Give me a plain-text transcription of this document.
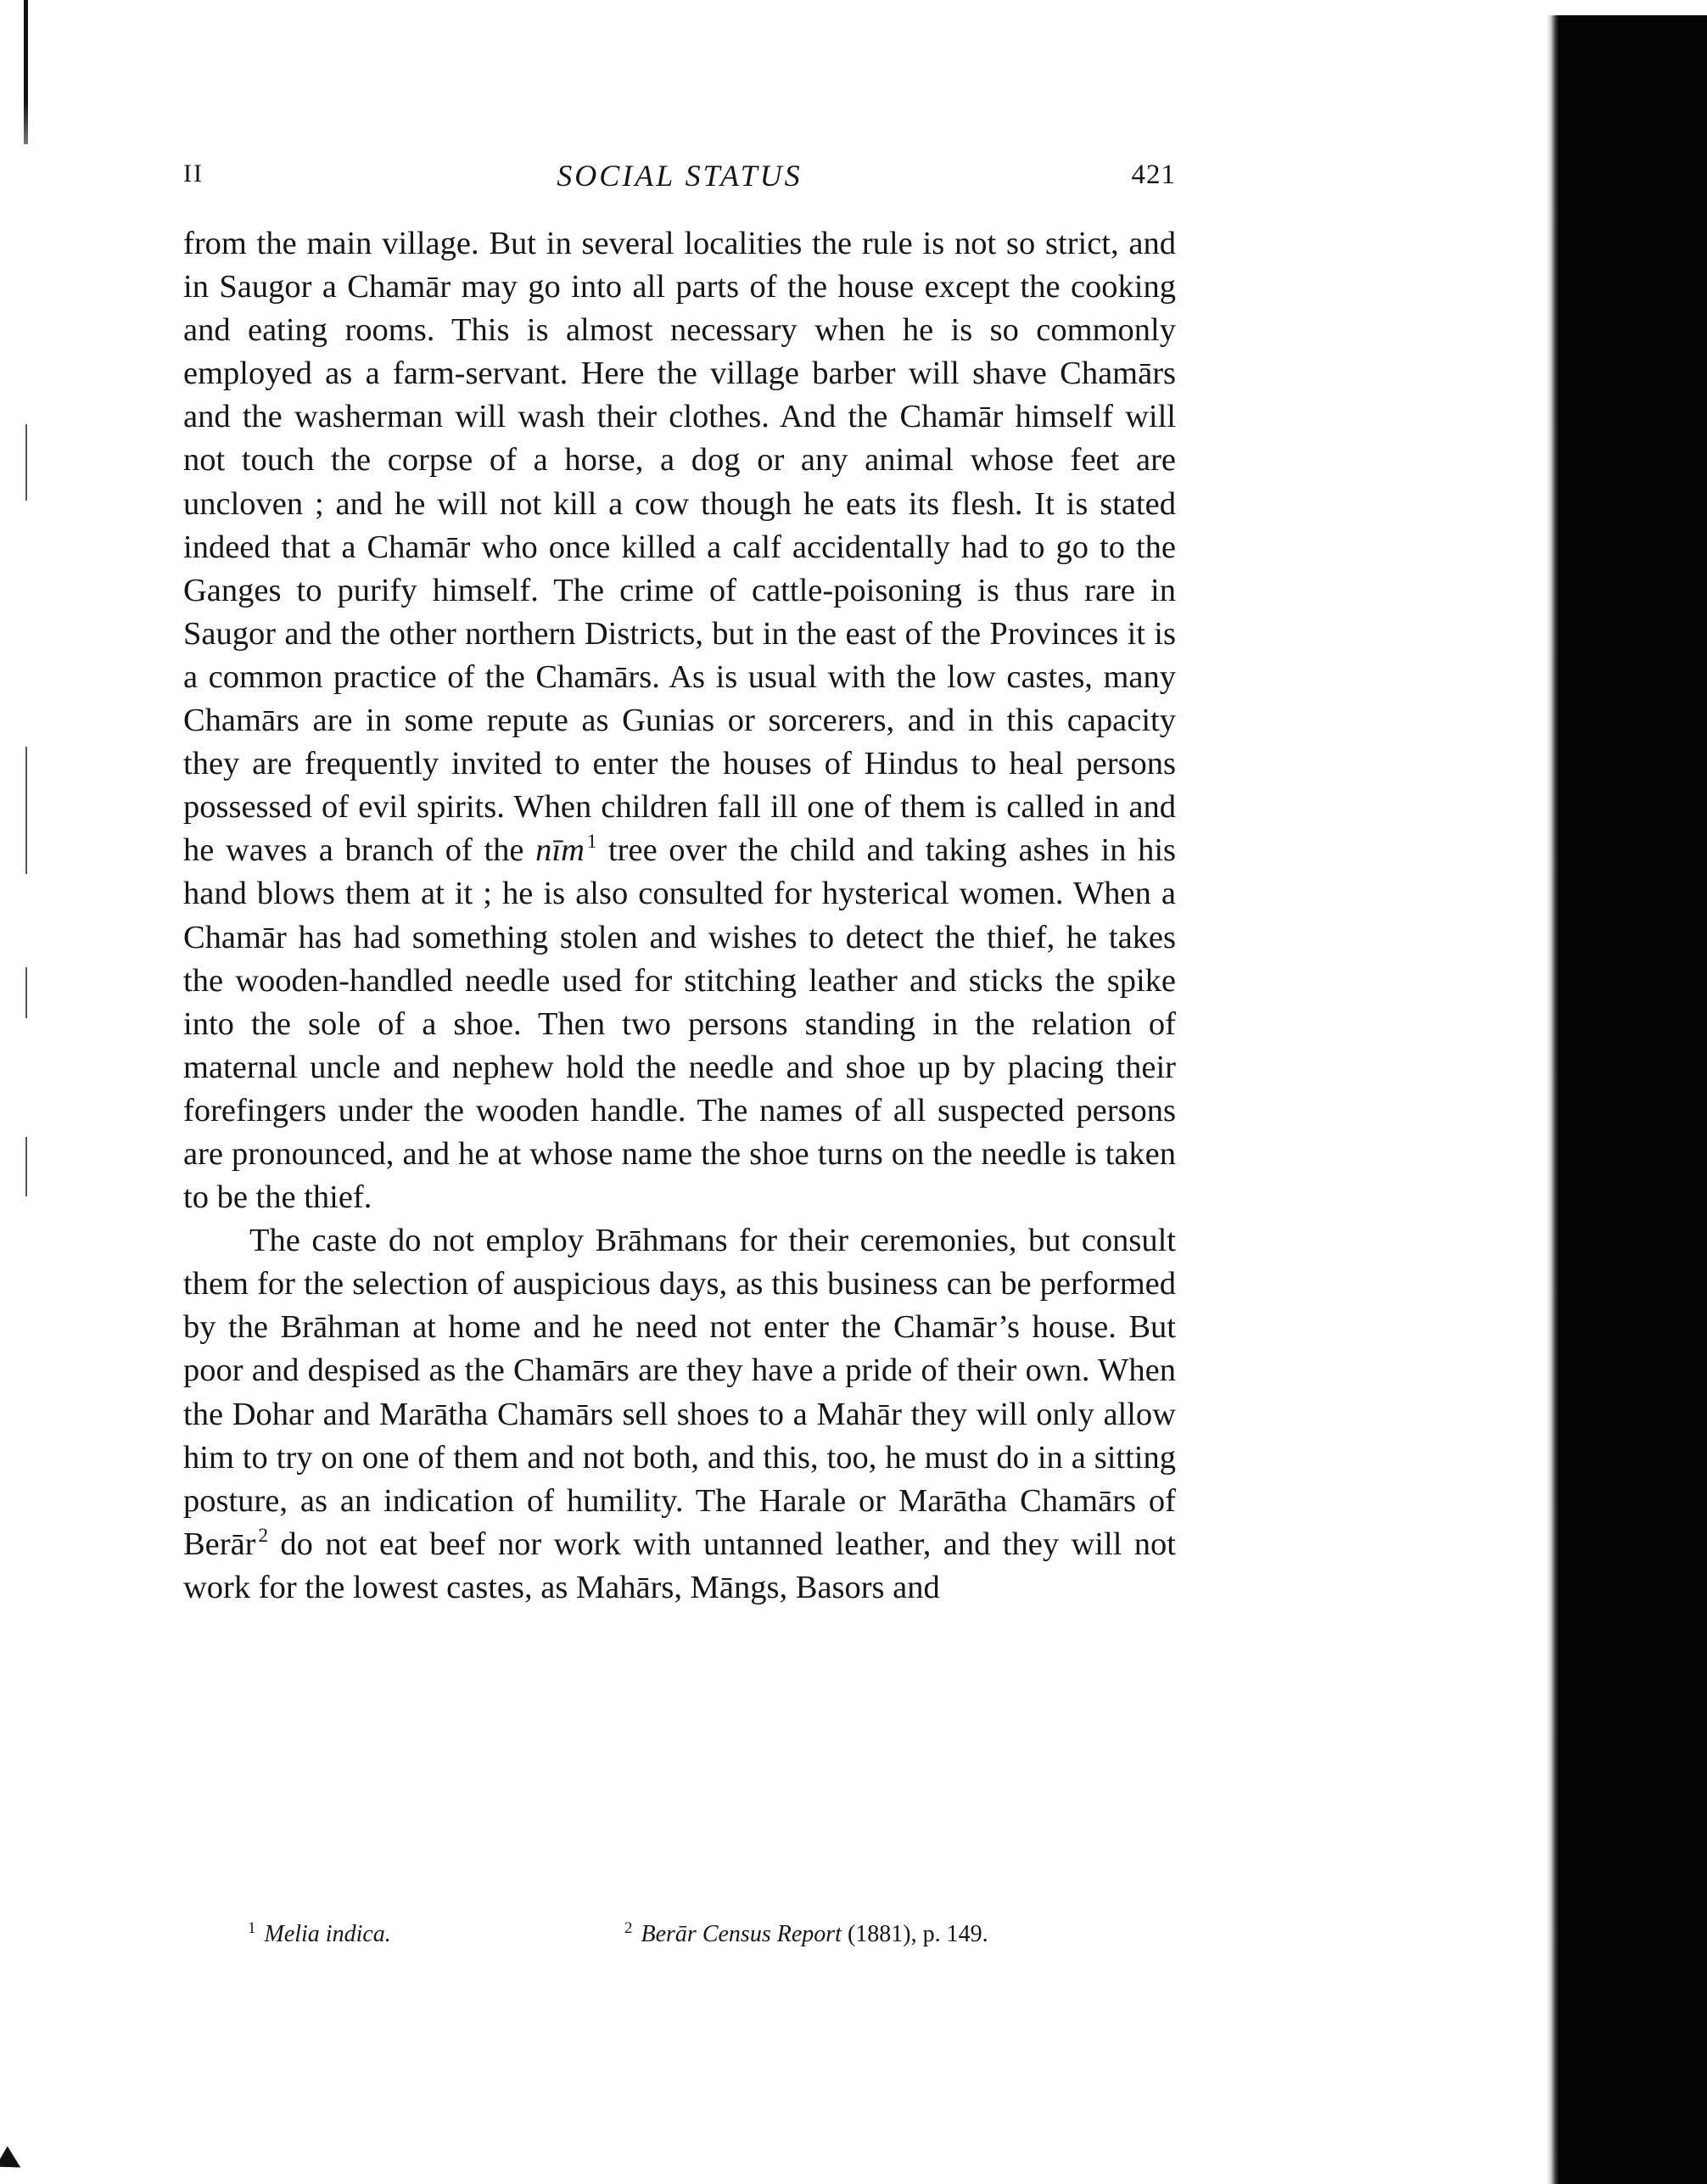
II	SOCIAL STATUS	421

from the main village. But in several localities the rule is not so strict, and in Saugor a Chamār may go into all parts of the house except the cooking and eating rooms. This is almost necessary when he is so commonly employed as a farm-servant. Here the village barber will shave Chamārs and the washerman will wash their clothes. And the Chamār himself will not touch the corpse of a horse, a dog or any animal whose feet are uncloven ; and he will not kill a cow though he eats its flesh. It is stated indeed that a Chamār who once killed a calf accidentally had to go to the Ganges to purify himself. The crime of cattle-poisoning is thus rare in Saugor and the other northern Districts, but in the east of the Provinces it is a common practice of the Chamārs. As is usual with the low castes, many Chamārs are in some repute as Gunias or sorcerers, and in this capacity they are frequently invited to enter the houses of Hindus to heal persons possessed of evil spirits. When children fall ill one of them is called in and he waves a branch of the nīm $^1$ tree over the child and taking ashes in his hand blows them at it ; he is also consulted for hysterical women. When a Chamār has had something stolen and wishes to detect the thief, he takes the wooden-handled needle used for stitching leather and sticks the spike into the sole of a shoe. Then two persons standing in the relation of maternal uncle and nephew hold the needle and shoe up by placing their forefingers under the wooden handle. The names of all suspected persons are pronounced, and he at whose name the shoe turns on the needle is taken to be the thief.

The caste do not employ Brāhmans for their ceremonies, but consult them for the selection of auspicious days, as this business can be performed by the Brāhman at home and he need not enter the Chamār’s house. But poor and despised as the Chamārs are they have a pride of their own. When the Dohar and Marātha Chamārs sell shoes to a Mahār they will only allow him to try on one of them and not both, and this, too, he must do in a sitting posture, as an indication of humility. The Harale or Marātha Chamārs of Berār $^2$ do not eat beef nor work with untanned leather, and they will not work for the lowest castes, as Mahārs, Māngs, Basors and

$^1$ Melia indica.	$^2$ Berār Census Report (1881), p. 149.
